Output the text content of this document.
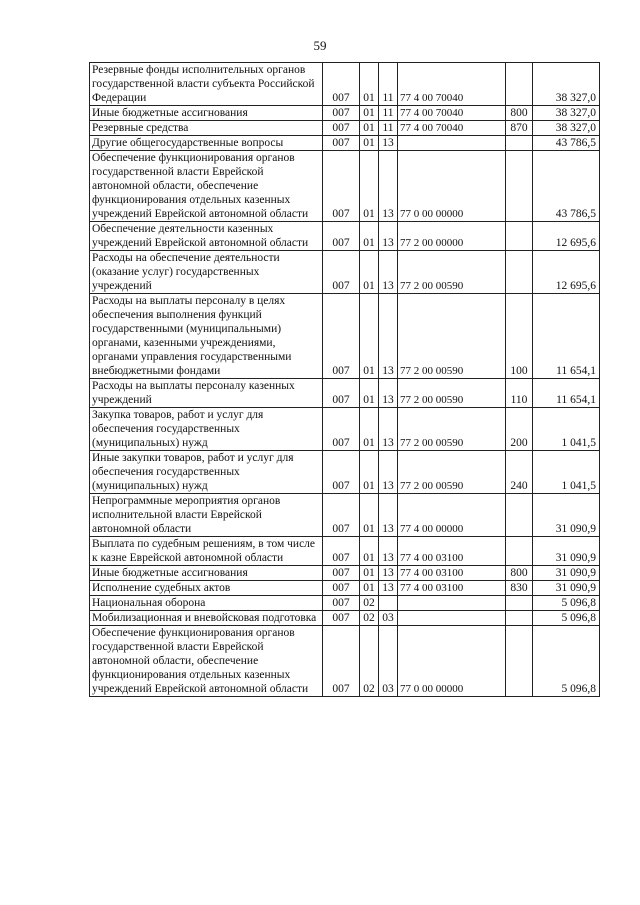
59
Резервные фонды исполнительных органов государственной власти субъекта Российской Федерации	007	01	11	77 4 00 70040		38 327,0
Иные бюджетные ассигнования	007	01	11	77 4 00 70040	800	38 327,0
Резервные средства	007	01	11	77 4 00 70040	870	38 327,0
Другие общегосударственные вопросы	007	01	13			43 786,5
Обеспечение функционирования органов государственной власти Еврейской автономной области, обеспечение функционирования отдельных казенных учреждений Еврейской автономной области	007	01	13	77 0 00 00000		43 786,5
Обеспечение деятельности казенных учреждений Еврейской автономной области	007	01	13	77 2 00 00000		12 695,6
Расходы на обеспечение деятельности (оказание услуг) государственных учреждений	007	01	13	77 2 00 00590		12 695,6
Расходы на выплаты персоналу в целях обеспечения выполнения функций государственными (муниципальными) органами, казенными учреждениями, органами управления государственными внебюджетными фондами	007	01	13	77 2 00 00590	100	11 654,1
Расходы на выплаты персоналу казенных учреждений	007	01	13	77 2 00 00590	110	11 654,1
Закупка товаров, работ и услуг для обеспечения государственных (муниципальных) нужд	007	01	13	77 2 00 00590	200	1 041,5
Иные закупки товаров, работ и услуг для обеспечения государственных (муниципальных) нужд	007	01	13	77 2 00 00590	240	1 041,5
Непрограммные мероприятия органов исполнительной власти Еврейской автономной области	007	01	13	77 4 00 00000		31 090,9
Выплата по судебным решениям, в том числе к казне Еврейской автономной области	007	01	13	77 4 00 03100		31 090,9
Иные бюджетные ассигнования	007	01	13	77 4 00 03100	800	31 090,9
Исполнение судебных актов	007	01	13	77 4 00 03100	830	31 090,9
Национальная оборона	007	02				5 096,8
Мобилизационная и вневойсковая подготовка	007	02	03			5 096,8
Обеспечение функционирования органов государственной власти Еврейской автономной области, обеспечение функционирования отдельных казенных учреждений Еврейской автономной области	007	02	03	77 0 00 00000		5 096,8
